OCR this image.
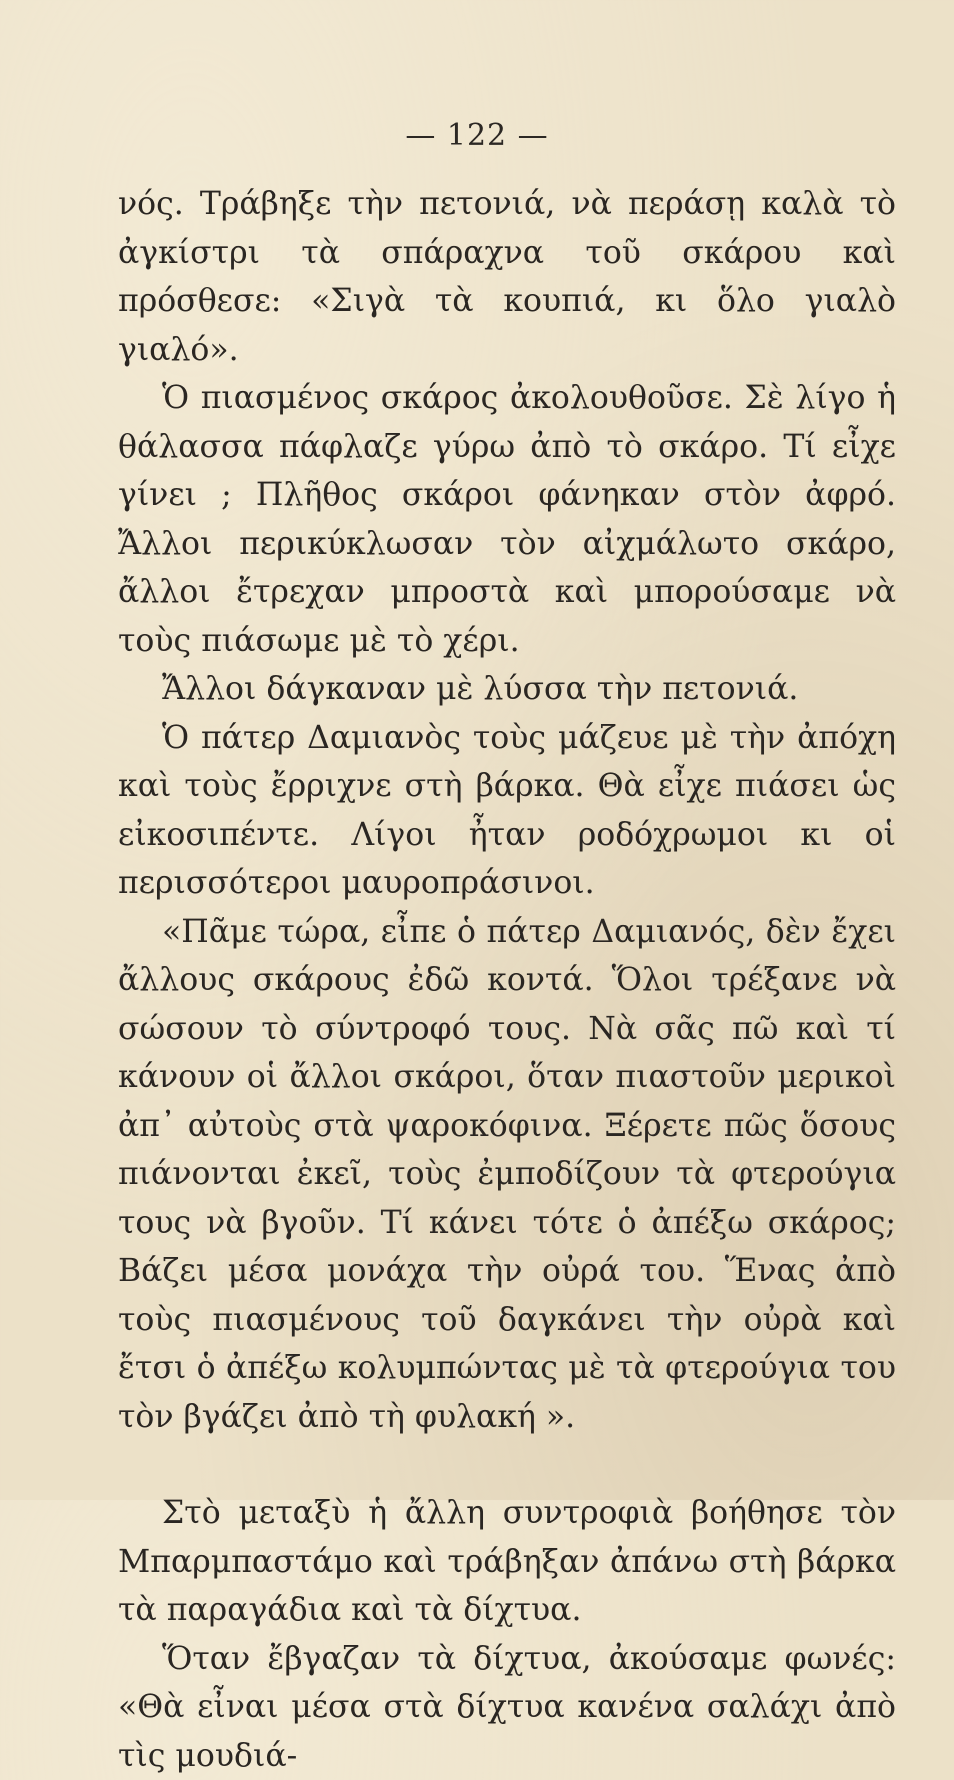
— 122 —

νός. Τράβηξε τὴν πετονιά, νὰ περάσῃ καλὰ τὸ ἀγκίστρι τὰ σπάραχνα τοῦ σκάρου καὶ πρόσθεσε: «Σιγὰ τὰ κουπιά, κι ὅλο γιαλὸ γιαλό».

Ὁ πιασμένος σκάρος ἀκολουθοῦσε. Σὲ λίγο ἡ θάλασσα πάφλαζε γύρω ἀπὸ τὸ σκάρο. Τί εἶχε γίνει ; Πλῆθος σκάροι φάνηκαν στὸν ἀφρό. Ἄλλοι περικύκλωσαν τὸν αἰχμάλωτο σκάρο, ἄλλοι ἔτρεχαν μπροστὰ καὶ μπορούσαμε νὰ τοὺς πιάσωμε μὲ τὸ χέρι.

Ἄλλοι δάγκαναν μὲ λύσσα τὴν πετονιά.

Ὁ πάτερ Δαμιανὸς τοὺς μάζευε μὲ τὴν ἀπόχη καὶ τοὺς ἔρριχνε στὴ βάρκα. Θὰ εἶχε πιάσει ὡς εἰκοσιπέντε. Λίγοι ἦταν ροδόχρωμοι κι οἱ περισσότεροι μαυροπράσινοι.

«Πᾶμε τώρα, εἶπε ὁ πάτερ Δαμιανός, δὲν ἔχει ἄλλους σκάρους ἐδῶ κοντά. Ὅλοι τρέξανε νὰ σώσουν τὸ σύντροφό τους. Νὰ σᾶς πῶ καὶ τί κάνουν οἱ ἄλλοι σκάροι, ὅταν πιαστοῦν μερικοὶ ἀπ᾿ αὐτοὺς στὰ ψαροκόφινα. Ξέρετε πῶς ὅσους πιάνονται ἐκεῖ, τοὺς ἐμποδίζουν τὰ φτερούγια τους νὰ βγοῦν. Τί κάνει τότε ὁ ἀπέξω σκάρος; Βάζει μέσα μονάχα τὴν οὐρά του. Ἕνας ἀπὸ τοὺς πιασμένους τοῦ δαγκάνει τὴν οὐρὰ καὶ ἔτσι ὁ ἀπέξω κολυμπώντας μὲ τὰ φτερούγια του τὸν βγάζει ἀπὸ τὴ φυλακή ».

Στὸ μεταξὺ ἡ ἄλλη συντροφιὰ βοήθησε τὸν Μπαρμπαστάμο καὶ τράβηξαν ἀπάνω στὴ βάρκα τὰ παραγάδια καὶ τὰ δίχτυα.

Ὅταν ἔβγαζαν τὰ δίχτυα, ἀκούσαμε φωνές: «Θὰ εἶναι μέσα στὰ δίχτυα κανένα σαλάχι ἀπὸ τὶς μουδιά-
